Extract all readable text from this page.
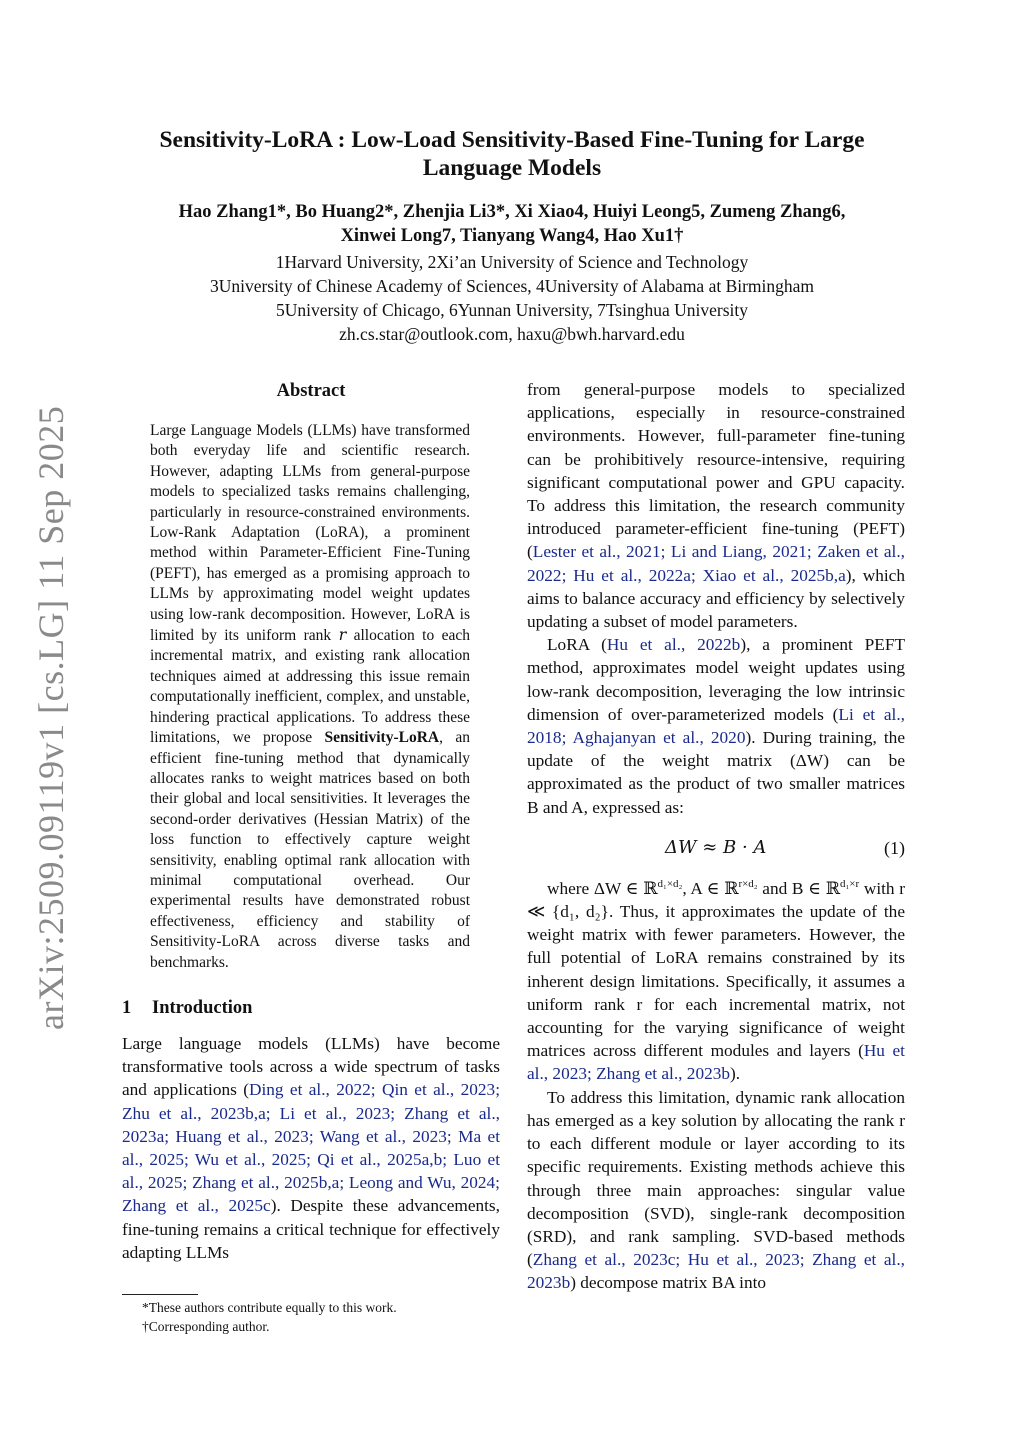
Sensitivity-LoRA : Low-Load Sensitivity-Based Fine-Tuning for Large Language Models
Hao Zhang1*, Bo Huang2*, Zhenjia Li3*, Xi Xiao4, Huiyi Leong5, Zumeng Zhang6,
Xinwei Long7, Tianyang Wang4, Hao Xu1†
1Harvard University, 2Xi’an University of Science and Technology
3University of Chinese Academy of Sciences, 4University of Alabama at Birmingham
5University of Chicago, 6Yunnan University, 7Tsinghua University
zh.cs.star@outlook.com, haxu@bwh.harvard.edu
arXiv:2509.09119v1 [cs.LG] 11 Sep 2025
Abstract
Large Language Models (LLMs) have transformed both everyday life and scientific research. However, adapting LLMs from general-purpose models to specialized tasks remains challenging, particularly in resource-constrained environments. Low-Rank Adaptation (LoRA), a prominent method within Parameter-Efficient Fine-Tuning (PEFT), has emerged as a promising approach to LLMs by approximating model weight updates using low-rank decomposition. However, LoRA is limited by its uniform rank r allocation to each incremental matrix, and existing rank allocation techniques aimed at addressing this issue remain computationally inefficient, complex, and unstable, hindering practical applications. To address these limitations, we propose Sensitivity-LoRA, an efficient fine-tuning method that dynamically allocates ranks to weight matrices based on both their global and local sensitivities. It leverages the second-order derivatives (Hessian Matrix) of the loss function to effectively capture weight sensitivity, enabling optimal rank allocation with minimal computational overhead. Our experimental results have demonstrated robust effectiveness, efficiency and stability of Sensitivity-LoRA across diverse tasks and benchmarks.
1 Introduction

Large language models (LLMs) have become transformative tools across a wide spectrum of tasks and applications (Ding et al., 2022; Qin et al., 2023; Zhu et al., 2023b,a; Li et al., 2023; Zhang et al., 2023a; Huang et al., 2023; Wang et al., 2023; Ma et al., 2025; Wu et al., 2025; Qi et al., 2025a,b; Luo et al., 2025; Zhang et al., 2025b,a; Leong and Wu, 2024; Zhang et al., 2025c). Despite these advancements, fine-tuning remains a critical technique for effectively adapting LLMs

from general-purpose models to specialized applications, especially in resource-constrained environments. However, full-parameter fine-tuning can be prohibitively resource-intensive, requiring significant computational power and GPU capacity. To address this limitation, the research community introduced parameter-efficient fine-tuning (PEFT) (Lester et al., 2021; Li and Liang, 2021; Zaken et al., 2022; Hu et al., 2022a; Xiao et al., 2025b,a), which aims to balance accuracy and efficiency by selectively updating a subset of model parameters.

LoRA (Hu et al., 2022b), a prominent PEFT method, approximates model weight updates using low-rank decomposition, leveraging the low intrinsic dimension of over-parameterized models (Li et al., 2018; Aghajanyan et al., 2020). During training, the update of the weight matrix (ΔW) can be approximated as the product of two smaller matrices B and A, expressed as:

ΔW ≈ B · A	(1)

where ΔW ∈ ℝ$^{d_1\times d_2}$, A ∈ ℝ$^{r\times d_2}$ and B ∈ ℝ$^{d_1\times r}$ with r ≪ {d₁, d₂}. Thus, it approximates the update of the weight matrix with fewer parameters. However, the full potential of LoRA remains constrained by its inherent design limitations. Specifically, it assumes a uniform rank r for each incremental matrix, not accounting for the varying significance of weight matrices across different modules and layers (Hu et al., 2023; Zhang et al., 2023b).

To address this limitation, dynamic rank allocation has emerged as a key solution by allocating the rank r to each different module or layer according to its specific requirements. Existing methods achieve this through three main approaches: singular value decomposition (SVD), single-rank decomposition (SRD), and rank sampling. SVD-based methods (Zhang et al., 2023c; Hu et al., 2023; Zhang et al., 2023b) decompose matrix BA into

*These authors contribute equally to this work.
†Corresponding author.
